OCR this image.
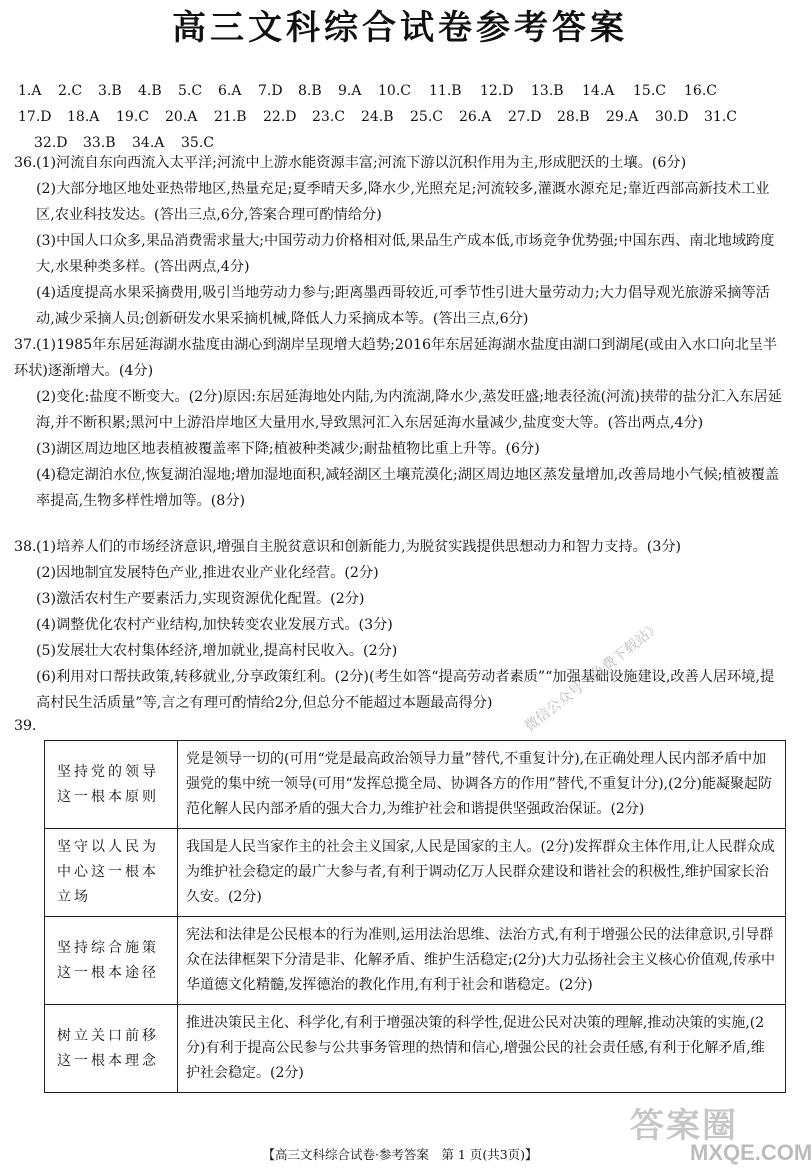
高三文科综合试卷参考答案
1.A 2.C 3.B 4.B 5.C 6.A 7.D 8.B 9.A 10.C 11.B 12.D 13.B 14.A 15.C 16.C
17.D 18.A 19.C 20.A 21.B 22.D 23.C 24.B 25.C 26.A 27.D 28.B 29.A 30.D 31.C
32.D 33.B 34.A 35.C

36.(1)河流自东向西流入太平洋;河流中上游水能资源丰富;河流下游以沉积作用为主,形成肥沃的土壤。(6分)

(2)大部分地区地处亚热带地区,热量充足;夏季晴天多,降水少,光照充足;河流较多,灌溉水源充足;靠近西部高新技术工业区,农业科技发达。(答出三点,6分,答案合理可酌情给分)

(3)中国人口众多,果品消费需求量大;中国劳动力价格相对低,果品生产成本低,市场竞争优势强;中国东西、南北地域跨度大,水果种类多样。(答出两点,4分)

(4)适度提高水果采摘费用,吸引当地劳动力参与;距离墨西哥较近,可季节性引进大量劳动力;大力倡导观光旅游采摘等活动,减少采摘人员;创新研发水果采摘机械,降低人力采摘成本等。(答出三点,6分)

37.(1)1985年东居延海湖水盐度由湖心到湖岸呈现增大趋势;2016年东居延海湖水盐度由湖口到湖尾(或由入水口向北呈半环状)逐渐增大。(4分)

(2)变化:盐度不断变大。(2分)原因:东居延海地处内陆,为内流湖,降水少,蒸发旺盛;地表径流(河流)挟带的盐分汇入东居延海,并不断积累;黑河中上游沿岸地区大量用水,导致黑河汇入东居延海水量减少,盐度变大等。(答出两点,4分)

(3)湖区周边地区地表植被覆盖率下降;植被种类减少;耐盐植物比重上升等。(6分)

(4)稳定湖泊水位,恢复湖泊湿地;增加湿地面积,减轻湖区土壤荒漠化;湖区周边地区蒸发量增加,改善局地小气候;植被覆盖率提高,生物多样性增加等。(8分)

38.(1)培养人们的市场经济意识,增强自主脱贫意识和创新能力,为脱贫实践提供思想动力和智力支持。(3分)

(2)因地制宜发展特色产业,推进农业产业化经营。(2分)

(3)激活农村生产要素活力,实现资源优化配置。(2分)

(4)调整优化农村产业结构,加快转变农业发展方式。(3分)

(5)发展壮大农村集体经济,增加就业,提高村民收入。(2分)

(6)利用对口帮扶政策,转移就业,分享政策红利。(2分)(考生如答“提高劳动者素质”“加强基础设施建设,改善人居环境,提高村民生活质量”等,言之有理可酌情给2分,但总分不能超过本题最高得分)

39.
坚持党的领导这一根本原则	党是领导一切的(可用“党是最高政治领导力量”替代,不重复计分),在正确处理人民内部矛盾中加强党的集中统一领导(可用“发挥总揽全局、协调各方的作用”替代,不重复计分),(2分)能凝聚起防范化解人民内部矛盾的强大合力,为维护社会和谐提供坚强政治保证。(2分)
坚守以人民为中心这一根本立场	我国是人民当家作主的社会主义国家,人民是国家的主人。(2分)发挥群众主体作用,让人民群众成为维护社会稳定的最广大参与者,有利于调动亿万人民群众建设和谐社会的积极性,维护国家长治久安。(2分)
坚持综合施策这一根本途径	宪法和法律是公民根本的行为准则,运用法治思维、法治方式,有利于增强公民的法律意识,引导群众在法律框架下分清是非、化解矛盾、维护生活稳定;(2分)大力弘扬社会主义核心价值观,传承中华道德文化精髓,发挥德治的教化作用,有利于社会和谐稳定。(2分)
树立关口前移这一根本理念	推进决策民主化、科学化,有利于增强决策的科学性,促进公民对决策的理解,推动决策的实施,(2分)有利于提高公民参与公共事务管理的热情和信心,增强公民的社会责任感,有利于化解矛盾,维护社会稳定。(2分)
微信公众号《免费下载站》
答案圈
MXQE.COM
【高三文科综合试卷·参考答案　第 1 页(共3页)】
